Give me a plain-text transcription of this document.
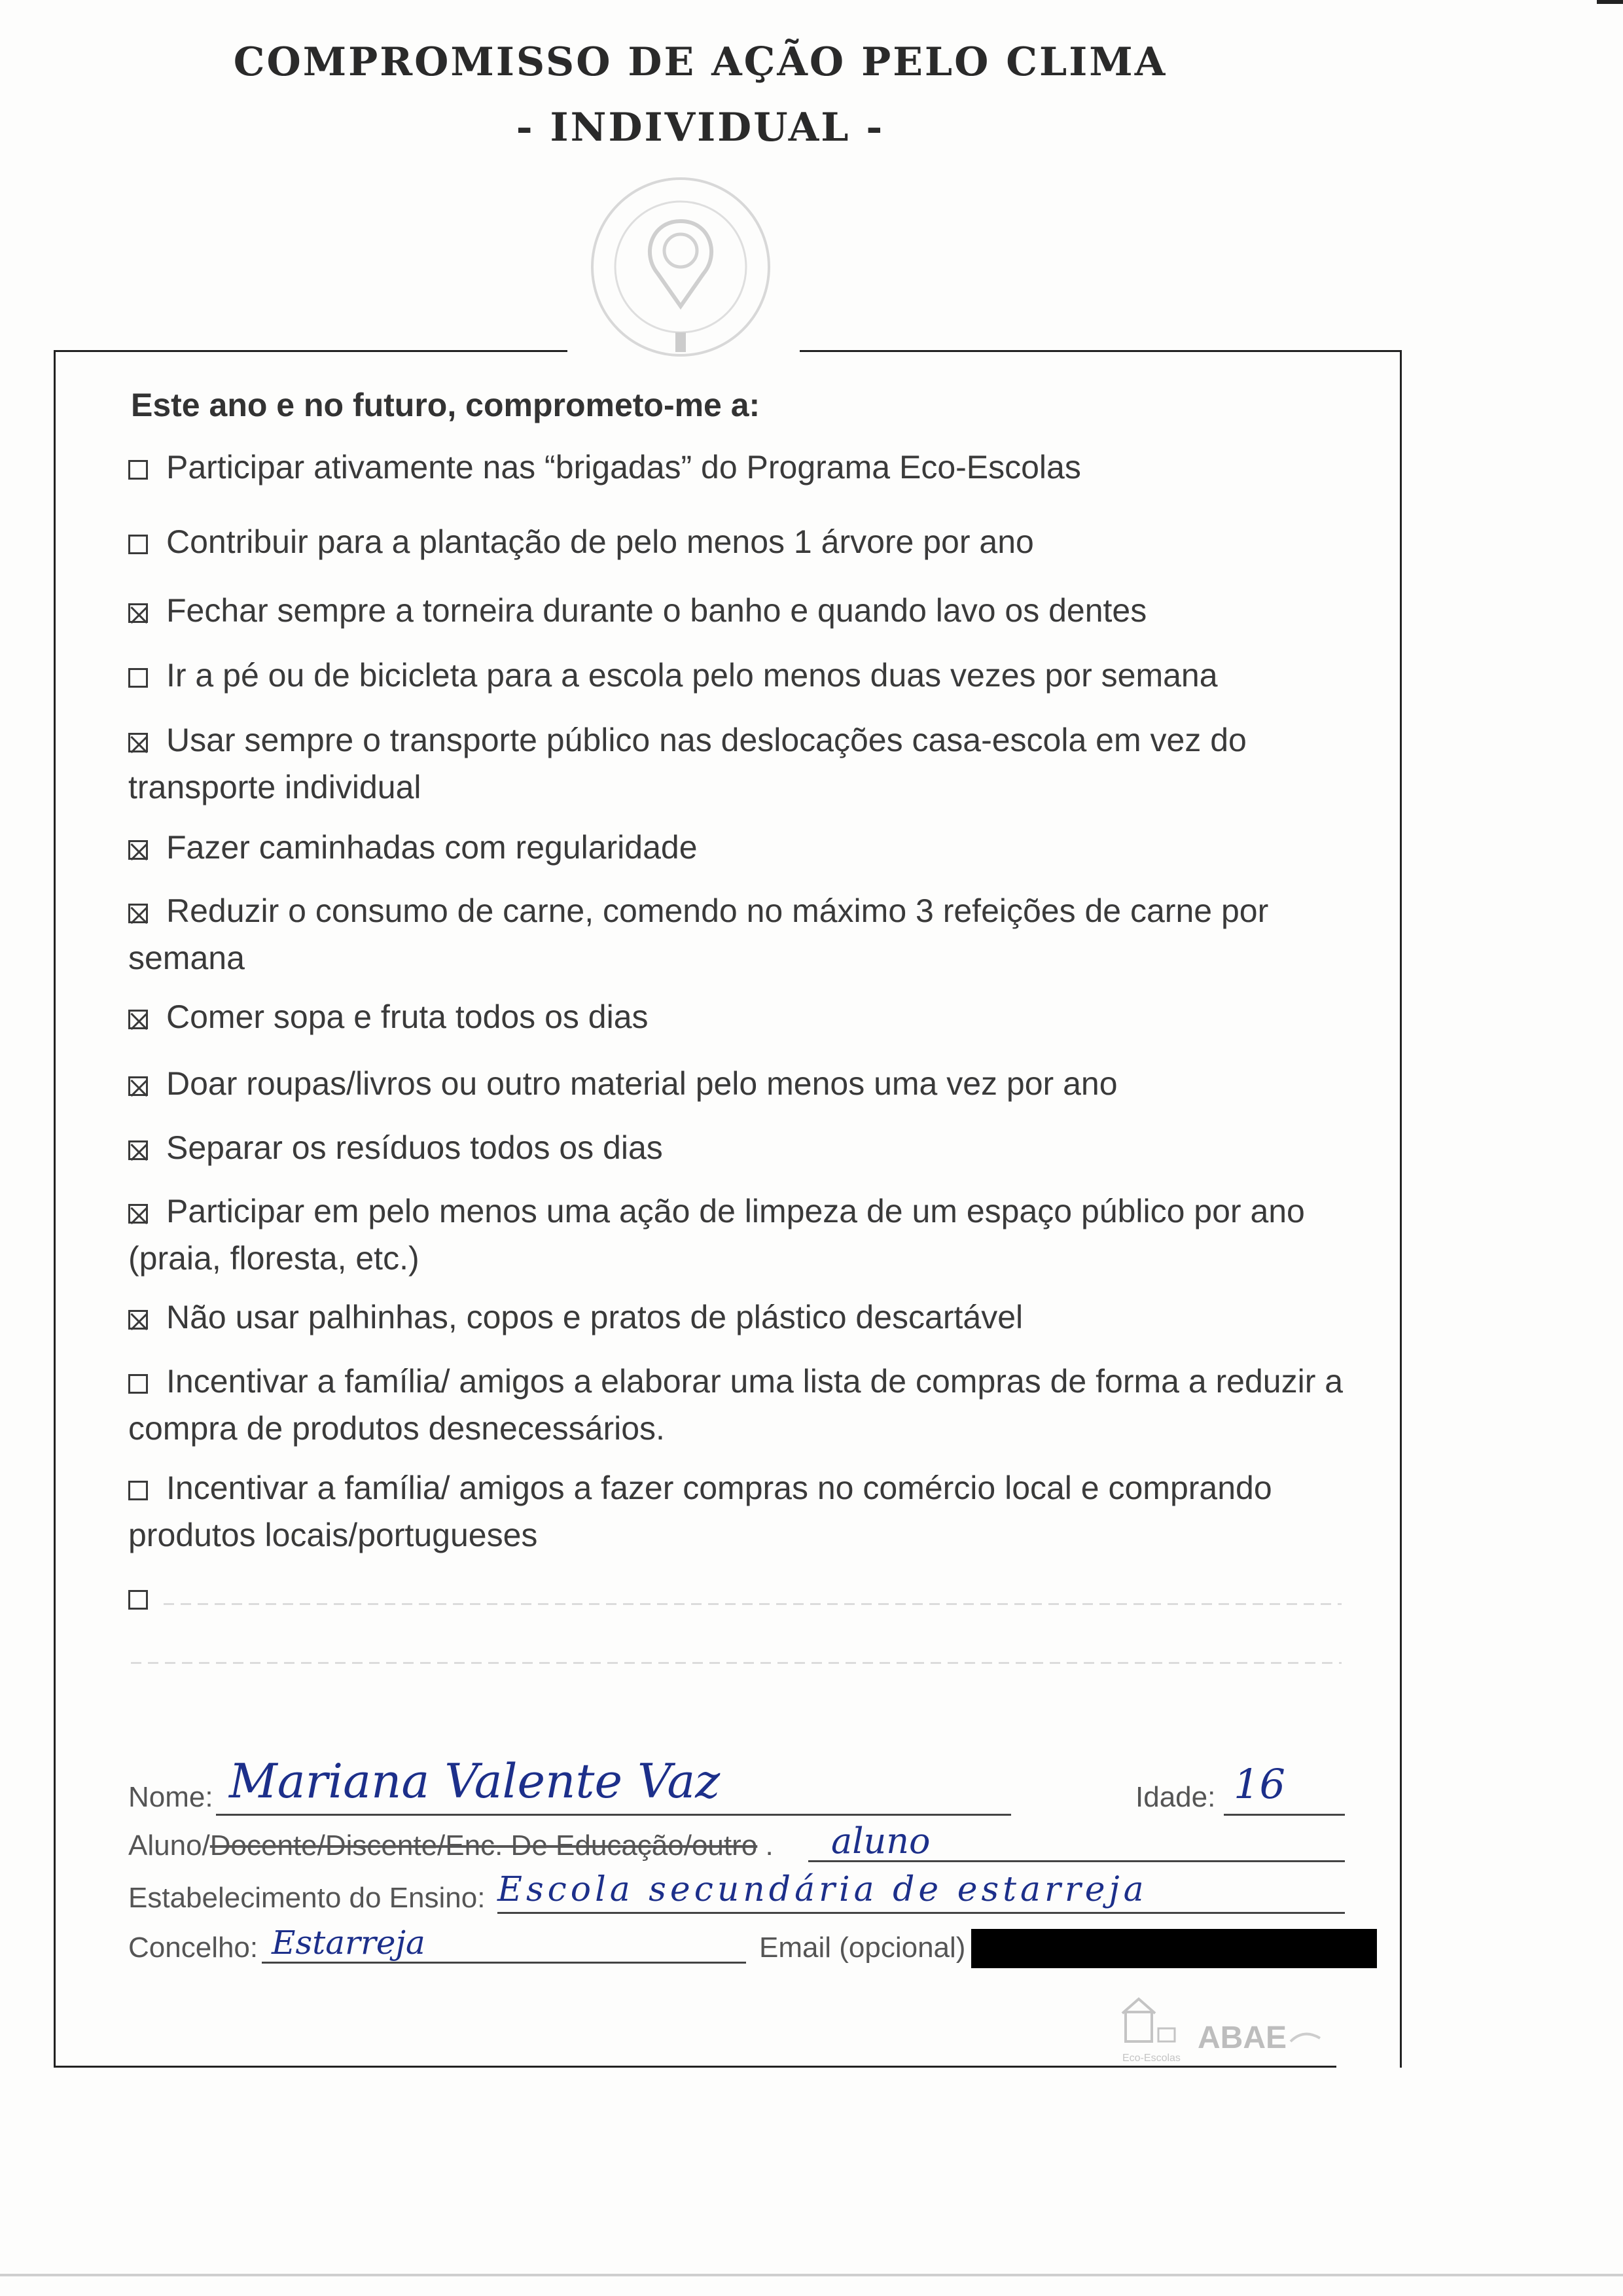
COMPROMISSO DE AÇÃO PELO CLIMA
- INDIVIDUAL -
Este ano e no futuro, comprometo-me a:
Participar ativamente nas “brigadas” do Programa Eco-Escolas
Contribuir para a plantação de pelo menos 1 árvore por ano
Fechar sempre a torneira durante o banho e quando lavo os dentes
Ir a pé ou de bicicleta para a escola pelo menos duas vezes por semana
Usar sempre o transporte público nas deslocações casa-escola em vez do transporte individual
Fazer caminhadas com regularidade
Reduzir o consumo de carne, comendo no máximo 3 refeições de carne por semana
Comer sopa e fruta todos os dias
Doar roupas/livros ou outro material pelo menos uma vez por ano
Separar os resíduos todos os dias
Participar em pelo menos uma ação de limpeza de um espaço público por ano (praia, floresta, etc.)
Não usar palhinhas, copos e pratos de plástico descartável
Incentivar a família/ amigos a elaborar uma lista de compras de forma a reduzir a compra de produtos desnecessários.
Incentivar a família/ amigos a fazer compras no comércio local e comprando produtos locais/portugueses
Nome: Mariana Valente Vaz	Idade: 16
Aluno/Docente/Discente/Enc. De Educação/outro . aluno
Estabelecimento do Ensino: Escola secundária de estarreja
Concelho: Estarreja	Email (opcional)
Eco-Escolas
ABAE
